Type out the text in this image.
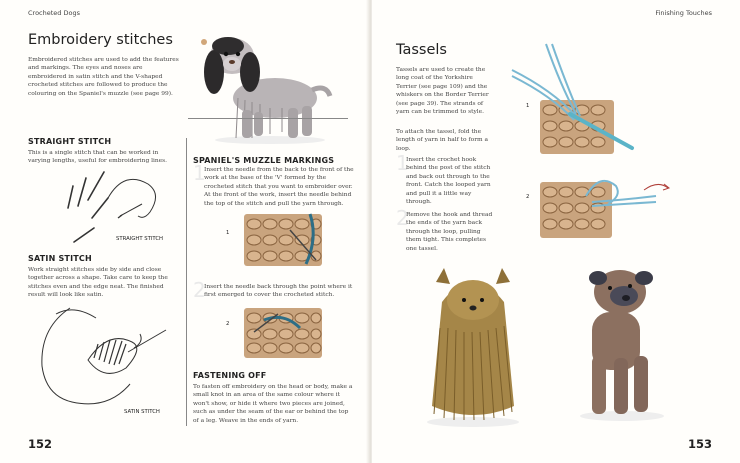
Crocheted Dogs
Embroidery stitches
Embroidered stitches are used to add the features and markings. The eyes and noses are embroidered in satin stitch and the V-shaped crocheted stitches are followed to produce the colouring on the Spaniel's muzzle (see page 99).
STRAIGHT STITCH
This is a single stitch that can be worked in varying lengths, useful for embroidering lines.
STRAIGHT STITCH
SATIN STITCH
Work straight stitches side by side and close together across a shape. Take care to keep the stitches even and the edge neat. The finished result will look like satin.
SATIN STITCH
SPANIEL'S MUZZLE MARKINGS
1
Insert the needle from the back to the front of the work at the base of the 'V' formed by the crocheted stitch that you want to embroider over. At the front of the work, insert the needle behind the top of the stitch and pull the yarn through.
1
2
Insert the needle back through the point where it first emerged to cover the crocheted stitch.
2
FASTENING OFF
To fasten off embroidery on the head or body, make a small knot in an area of the same colour where it won't show, or hide it where two pieces are joined, such as under the seam of the ear or behind the top of a leg. Weave in the ends of yarn.
152
Finishing Touches
Tassels
Tassels are used to create the long coat of the Yorkshire Terrier (see page 109) and the whiskers on the Border Terrier (see page 39). The strands of yarn can be trimmed to style.
To attach the tassel, fold the length of yarn in half to form a loop.
1
Insert the crochet hook behind the post of the stitch and back out through to the front. Catch the looped yarn and pull it a little way through.
2
Remove the hook and thread the ends of the yarn back through the loop, pulling them tight. This completes one tassel.
1
2
153
